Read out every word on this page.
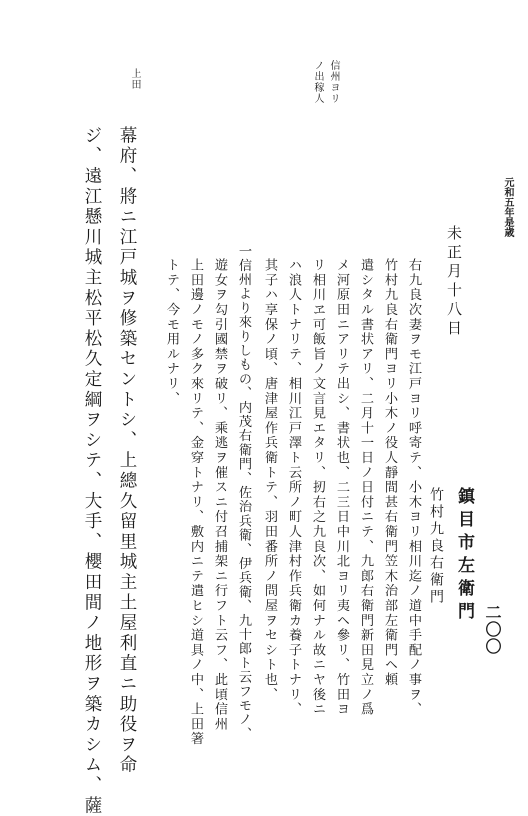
元和五年是歳
二〇〇
鎮目市左衛門
竹村九良右衛門
未正月十八日
信州ヨリ
ノ出稼人
上田
右九良次妻ヲモ江戸ヨリ呼寄テ、小木ヨリ相川迄ノ道中手配ノ事ヲ、
竹村九良右衛門ヨリ小木ノ役人靜間甚右衛門笠木治部左衛門ヘ頼
遣シタル書状アリ、二月十一日ノ日付ニテ、九郎右衛門新田見立ノ爲
メ河原田ニアリテ出シ、書状也、二三日中川北ヨリ夷ヘ參リ、竹田ヨ
リ相川ヱ可飯旨ノ文言見エタリ、扨右之九良次、如何ナル故ニヤ後ニ
ハ浪人トナリテ、相川江戸澤ト云所ノ町人津村作兵衛カ養子トナリ、
其子ハ享保ノ頃、唐津屋作兵衛トテ、羽田番所ノ問屋ヲセシト也、
一信州より來りしもの、内茂右衛門、佐治兵衛、伊兵衛、九十郎ト云フモノ、
遊女ヲ勾引國禁ヲ破リ、乘逃ヲ催スニ付召捕架ニ行フト云フ、此頃信州
上田邊ノモノ多ク來リテ、金穿トナリ、敷内ニテ遣ヒシ道具ノ中、上田箸
トテ、今モ用ルナリ、
幕府、將ニ江戸城ヲ修築セントシ、上總久留里城主土屋利直ニ助役ヲ命
ジ、遠江懸川城主松平松久定綱ヲシテ、大手、櫻田間ノ地形ヲ築カシム、薩
